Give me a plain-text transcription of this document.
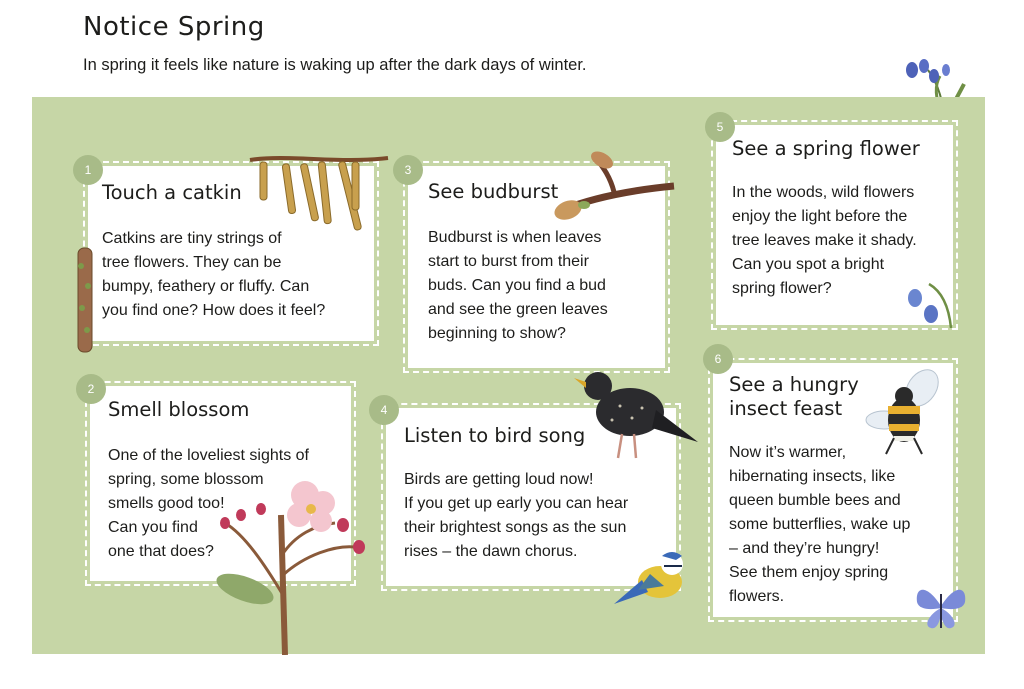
Notice Spring

In spring it feels like nature is waking up after the dark days of winter.

Touch a catkin

Catkins are tiny strings of
tree flowers. They can be
bumpy, feathery or fluffy. Can
you find one? How does it feel?

1
See budburst

Budburst is when leaves
start to burst from their
buds. Can you find a bud
and see the green leaves
beginning to show?

3
See a spring flower

In the woods, wild flowers
enjoy the light before the
tree leaves make it shady.
Can you spot a bright
spring flower?

5
Smell blossom

One of the loveliest sights of
spring, some blossom
smells good too!
Can you find
one that does?

2
Listen to bird song

Birds are getting loud now!
If you get up early you can hear
their brightest songs as the sun
rises – the dawn chorus.

4
See a hungry
insect feast

Now it’s warmer,
hibernating insects, like
queen bumble bees and
some butterflies, wake up
– and they’re hungry!
See them enjoy spring
flowers.

6
